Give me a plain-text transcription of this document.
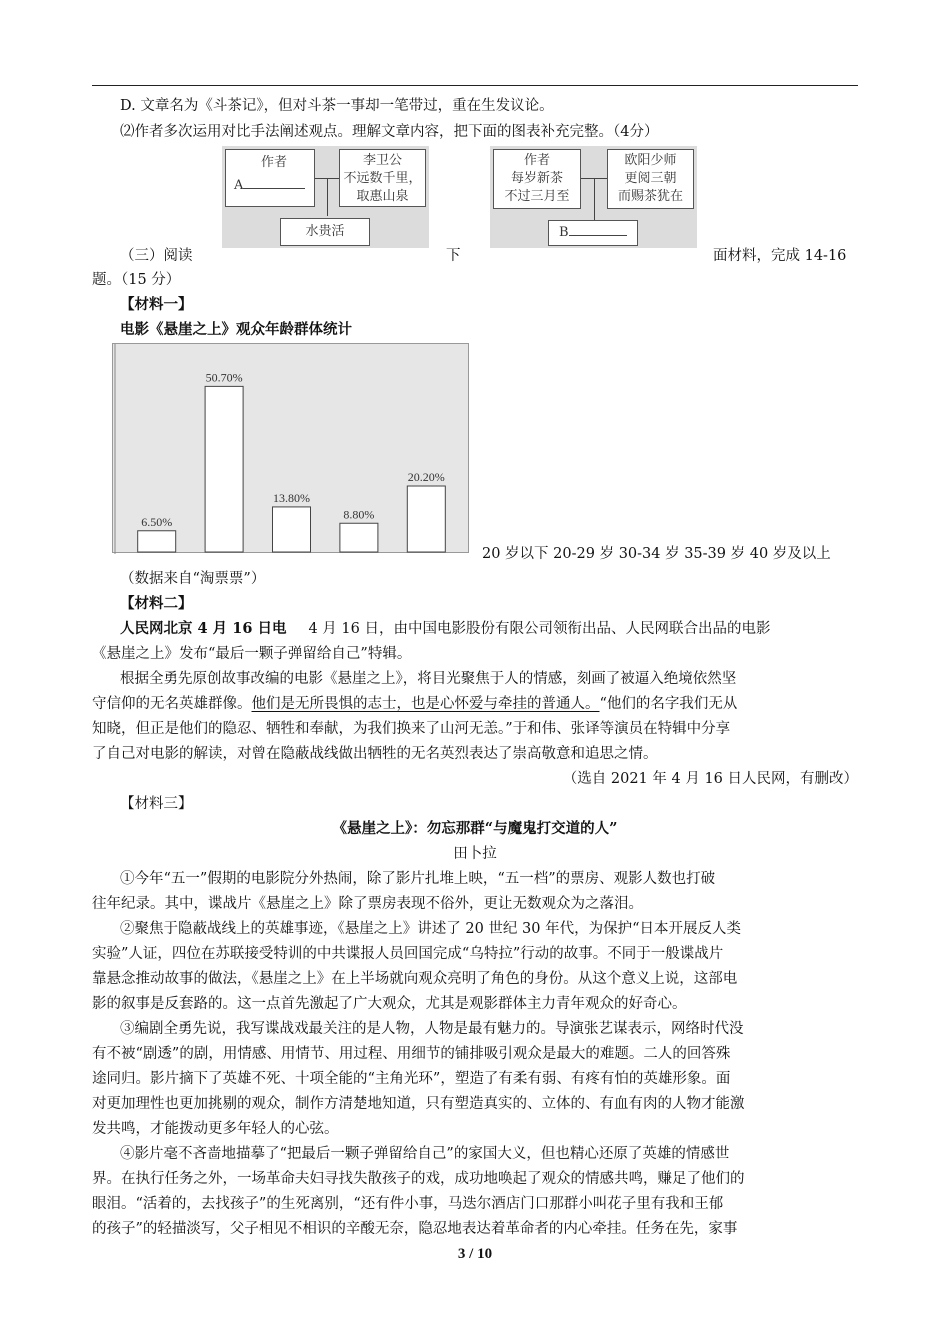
D. 文章名为《斗茶记》，但对斗茶一事却一笔带过，重在生发议论。
⑵作者多次运用对比手法阐述观点。理解文章内容，把下面的图表补充完整。（4分）
作者
A
李卫公
不远数千里，
取惠山泉
水贵活
作者
每岁新茶
不过三月至
欧阳少师
更阅三朝
而赐茶犹在
B
（三）阅读	下	面材料，完成 14-16
题。（15 分）
【材料一】
电影《悬崖之上》观众年龄群体统计
6.50%
50.70%
13.80%
8.80%
20.20%
20 岁以下 20-29 岁 30-34 岁 35-39 岁 40 岁及以上
（数据来自“淘票票”）
【材料二】
人民网北京 4 月 16 日电 4 月 16 日，由中国电影股份有限公司领衔出品、人民网联合出品的电影
《悬崖之上》发布“最后一颗子弹留给自己”特辑。
根据全勇先原创故事改编的电影《悬崖之上》，将目光聚焦于人的情感，刻画了被逼入绝境依然坚
守信仰的无名英雄群像。他们是无所畏惧的志士，也是心怀爱与牵挂的普通人。“他们的名字我们无从
知晓，但正是他们的隐忍、牺牲和奉献，为我们换来了山河无恙。”于和伟、张译等演员在特辑中分享
了自己对电影的解读，对曾在隐蔽战线做出牺牲的无名英烈表达了崇高敬意和追思之情。
（选自 2021 年 4 月 16 日人民网，有删改）
【材料三】
《悬崖之上》：勿忘那群“与魔鬼打交道的人”
田卜拉
①今年“五一”假期的电影院分外热闹，除了影片扎堆上映，“五一档”的票房、观影人数也打破
往年纪录。其中，谍战片《悬崖之上》除了票房表现不俗外，更让无数观众为之落泪。
②聚焦于隐蔽战线上的英雄事迹，《悬崖之上》讲述了 20 世纪 30 年代，为保护“日本开展反人类
实验”人证，四位在苏联接受特训的中共谍报人员回国完成“乌特拉”行动的故事。不同于一般谍战片
靠悬念推动故事的做法，《悬崖之上》在上半场就向观众亮明了角色的身份。从这个意义上说，这部电
影的叙事是反套路的。这一点首先激起了广大观众，尤其是观影群体主力青年观众的好奇心。
③编剧全勇先说，我写谍战戏最关注的是人物，人物是最有魅力的。导演张艺谋表示，网络时代没
有不被“剧透”的剧，用情感、用情节、用过程、用细节的铺排吸引观众是最大的难题。二人的回答殊
途同归。影片摘下了英雄不死、十项全能的“主角光环”，塑造了有柔有弱、有疼有怕的英雄形象。面
对更加理性也更加挑剔的观众，制作方清楚地知道，只有塑造真实的、立体的、有血有肉的人物才能激
发共鸣，才能拨动更多年轻人的心弦。
④影片毫不吝啬地描摹了“把最后一颗子弹留给自己”的家国大义，但也精心还原了英雄的情感世
界。在执行任务之外，一场革命夫妇寻找失散孩子的戏，成功地唤起了观众的情感共鸣，赚足了他们的
眼泪。“活着的，去找孩子”的生死离别，“还有件小事，马迭尔酒店门口那群小叫花子里有我和王郁
的孩子”的轻描淡写，父子相见不相识的辛酸无奈，隐忍地表达着革命者的内心牵挂。任务在先，家事
3 / 10
